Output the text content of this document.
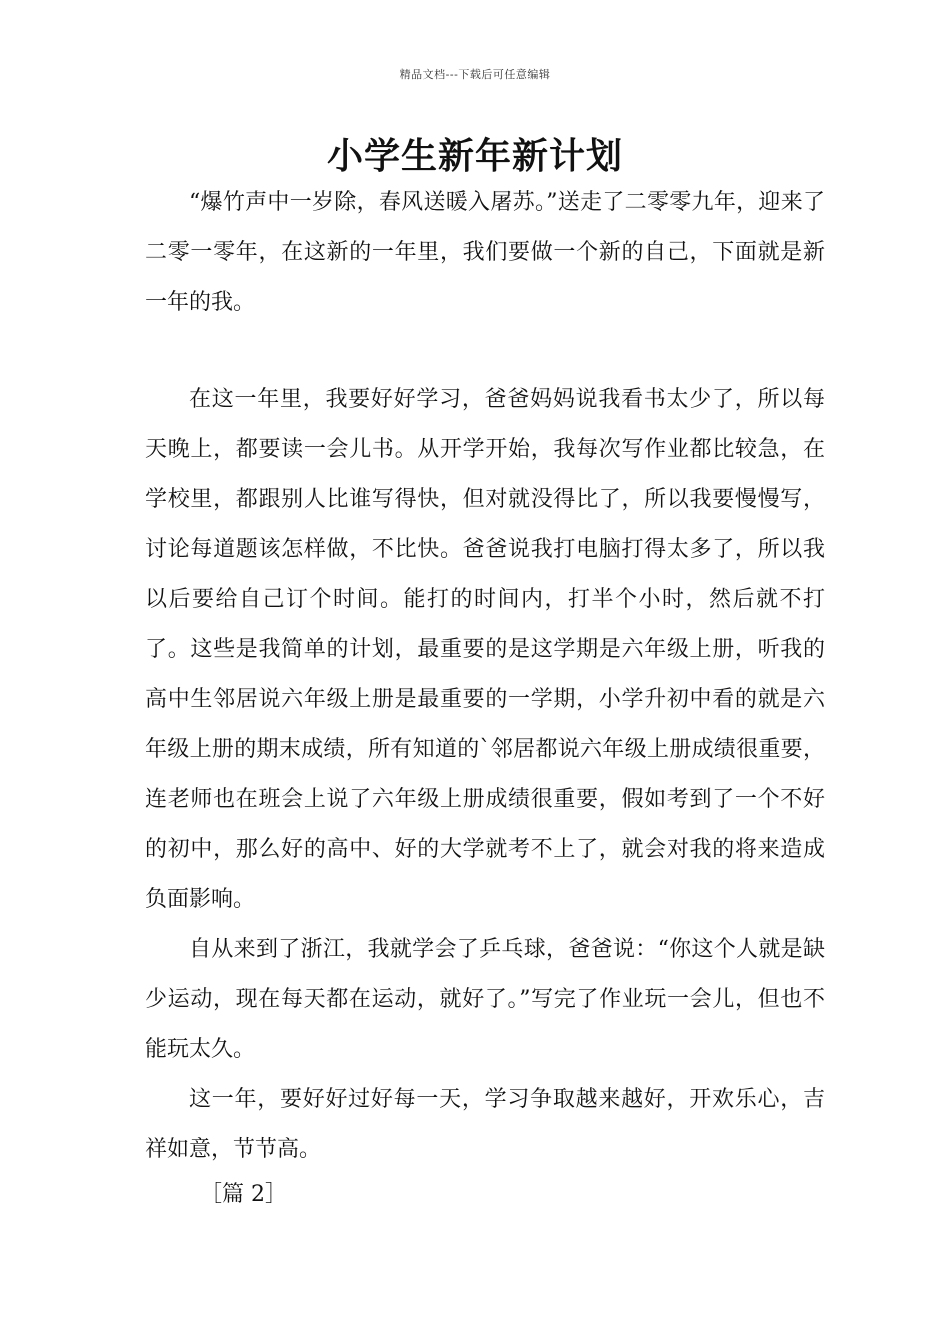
精品文档---下载后可任意编辑
小学生新年新计划

“爆竹声中一岁除，春风送暖入屠苏。”送走了二零零九年，迎来了二零一零年，在这新的一年里，我们要做一个新的自己，下面就是新一年的我。

在这一年里，我要好好学习，爸爸妈妈说我看书太少了，所以每天晚上，都要读一会儿书。从开学开始，我每次写作业都比较急，在学校里，都跟别人比谁写得快，但对就没得比了，所以我要慢慢写，讨论每道题该怎样做，不比快。爸爸说我打电脑打得太多了，所以我以后要给自己订个时间。能打的时间内，打半个小时，然后就不打了。这些是我简单的计划，最重要的是这学期是六年级上册，听我的高中生邻居说六年级上册是最重要的一学期，小学升初中看的就是六年级上册的期末成绩，所有知道的`邻居都说六年级上册成绩很重要，连老师也在班会上说了六年级上册成绩很重要，假如考到了一个不好的初中，那么好的高中、好的大学就考不上了，就会对我的将来造成负面影响。

自从来到了浙江，我就学会了乒乓球，爸爸说：“你这个人就是缺少运动，现在每天都在运动，就好了。”写完了作业玩一会儿，但也不能玩太久。

这一年，要好好过好每一天，学习争取越来越好，开欢乐心，吉祥如意，节节高。

［篇 2］
